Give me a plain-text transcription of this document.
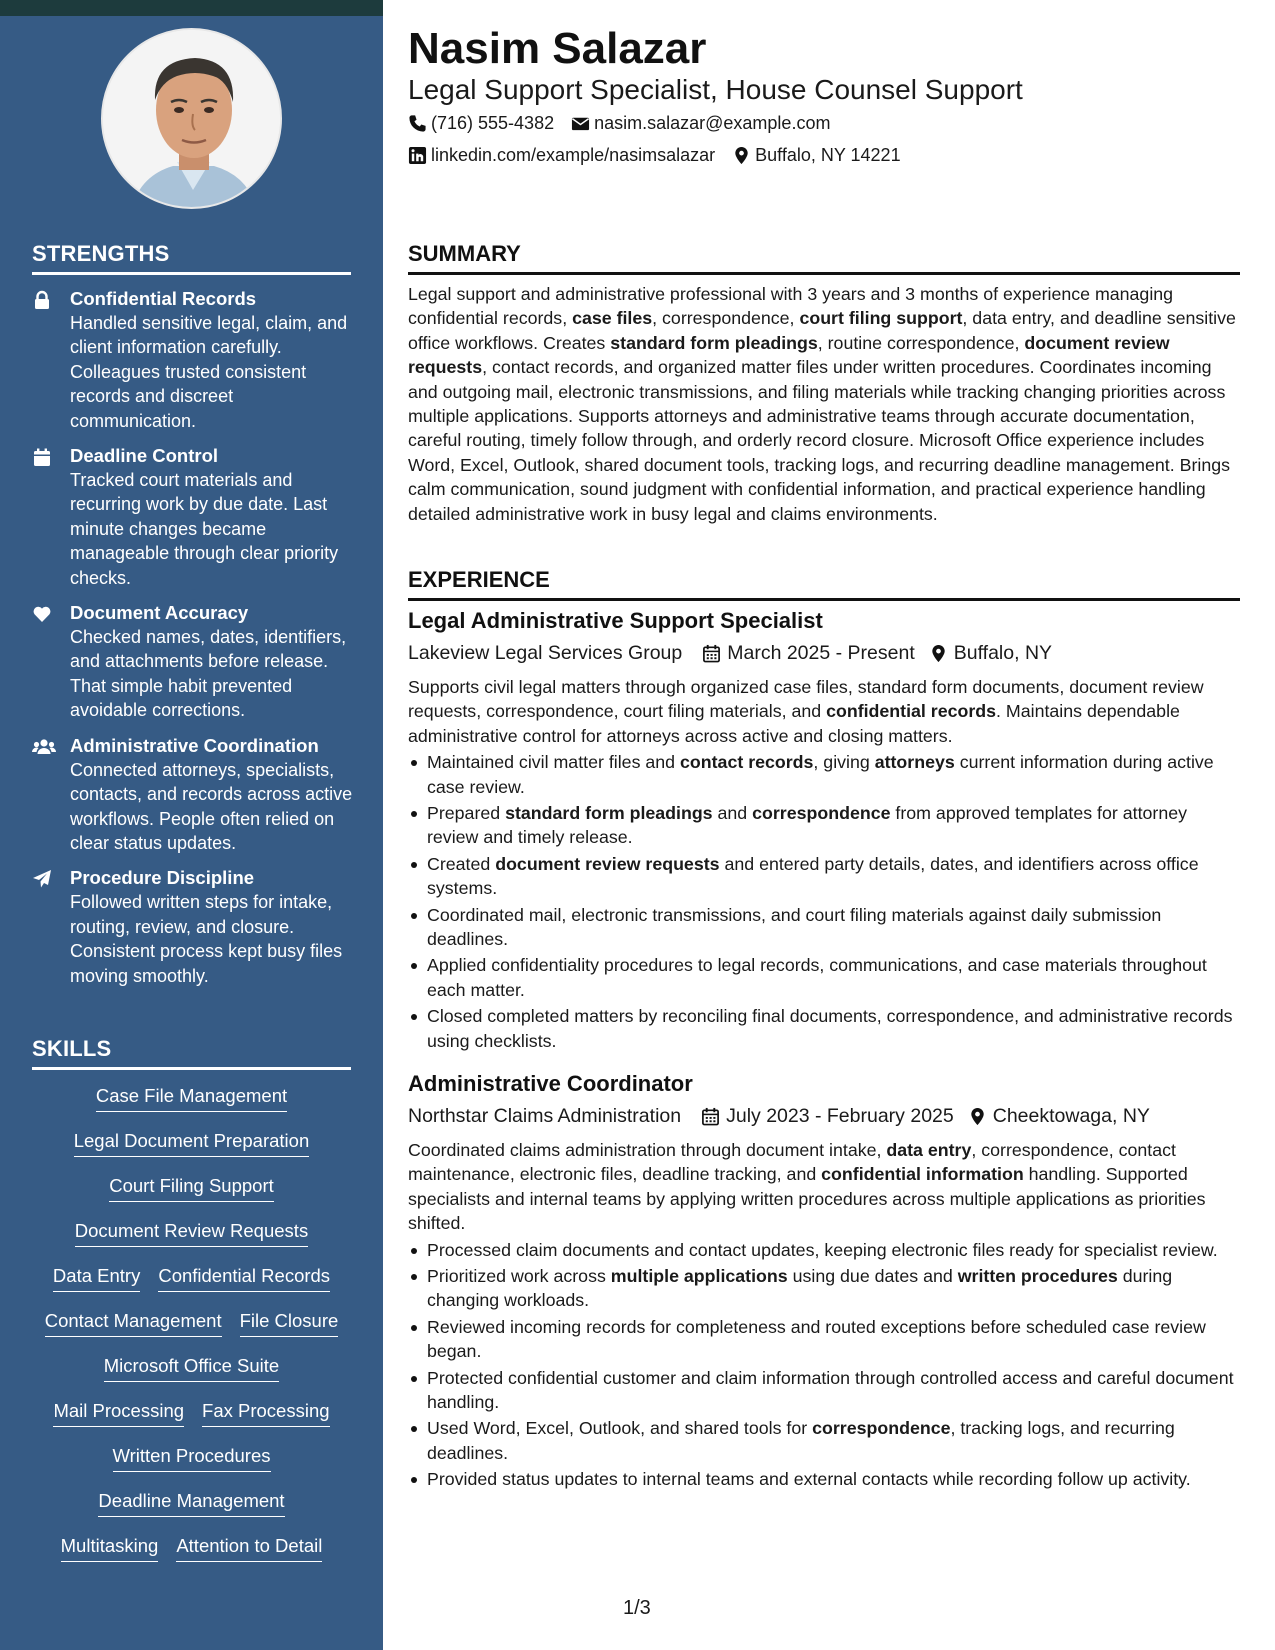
STRENGTHS
Confidential Records
Handled sensitive legal, claim, and client information carefully. Colleagues trusted consistent records and discreet communication.
Deadline Control
Tracked court materials and recurring work by due date. Last minute changes became manageable through clear priority checks.
Document Accuracy
Checked names, dates, identifiers, and attachments before release. That simple habit prevented avoidable corrections.
Administrative Coordination
Connected attorneys, specialists, contacts, and records across active workflows. People often relied on clear status updates.
Procedure Discipline
Followed written steps for intake, routing, review, and closure. Consistent process kept busy files moving smoothly.
SKILLS
Case File Management
Legal Document Preparation
Court Filing Support
Document Review Requests
Data Entry Confidential Records
Contact Management File Closure
Microsoft Office Suite
Mail Processing Fax Processing
Written Procedures
Deadline Management
Multitasking Attention to Detail
Nasim Salazar
Legal Support Specialist, House Counsel Support
(716) 555-4382 nasim.salazar@example.com
linkedin.com/example/nasimsalazar Buffalo, NY 14221
SUMMARY
Legal support and administrative professional with 3 years and 3 months of experience managing confidential records, case files, correspondence, court filing support, data entry, and deadline sensitive office workflows. Creates standard form pleadings, routine correspondence, document review requests, contact records, and organized matter files under written procedures. Coordinates incoming and outgoing mail, electronic transmissions, and filing materials while tracking changing priorities across multiple applications. Supports attorneys and administrative teams through accurate documentation, careful routing, timely follow through, and orderly record closure. Microsoft Office experience includes Word, Excel, Outlook, shared document tools, tracking logs, and recurring deadline management. Brings calm communication, sound judgment with confidential information, and practical experience handling detailed administrative work in busy legal and claims environments.
EXPERIENCE
Legal Administrative Support Specialist
Lakeview Legal Services Group March 2025 - Present Buffalo, NY
Supports civil legal matters through organized case files, standard form documents, document review requests, correspondence, court filing materials, and confidential records. Maintains dependable administrative control for attorneys across active and closing matters.
Maintained civil matter files and contact records, giving attorneys current information during active case review.
Prepared standard form pleadings and correspondence from approved templates for attorney review and timely release.
Created document review requests and entered party details, dates, and identifiers across office systems.
Coordinated mail, electronic transmissions, and court filing materials against daily submission deadlines.
Applied confidentiality procedures to legal records, communications, and case materials throughout each matter.
Closed completed matters by reconciling final documents, correspondence, and administrative records using checklists.
Administrative Coordinator
Northstar Claims Administration July 2023 - February 2025 Cheektowaga, NY
Coordinated claims administration through document intake, data entry, correspondence, contact maintenance, electronic files, deadline tracking, and confidential information handling. Supported specialists and internal teams by applying written procedures across multiple applications as priorities shifted.
Processed claim documents and contact updates, keeping electronic files ready for specialist review.
Prioritized work across multiple applications using due dates and written procedures during changing workloads.
Reviewed incoming records for completeness and routed exceptions before scheduled case review began.
Protected confidential customer and claim information through controlled access and careful document handling.
Used Word, Excel, Outlook, and shared tools for correspondence, tracking logs, and recurring deadlines.
Provided status updates to internal teams and external contacts while recording follow up activity.
1/3
